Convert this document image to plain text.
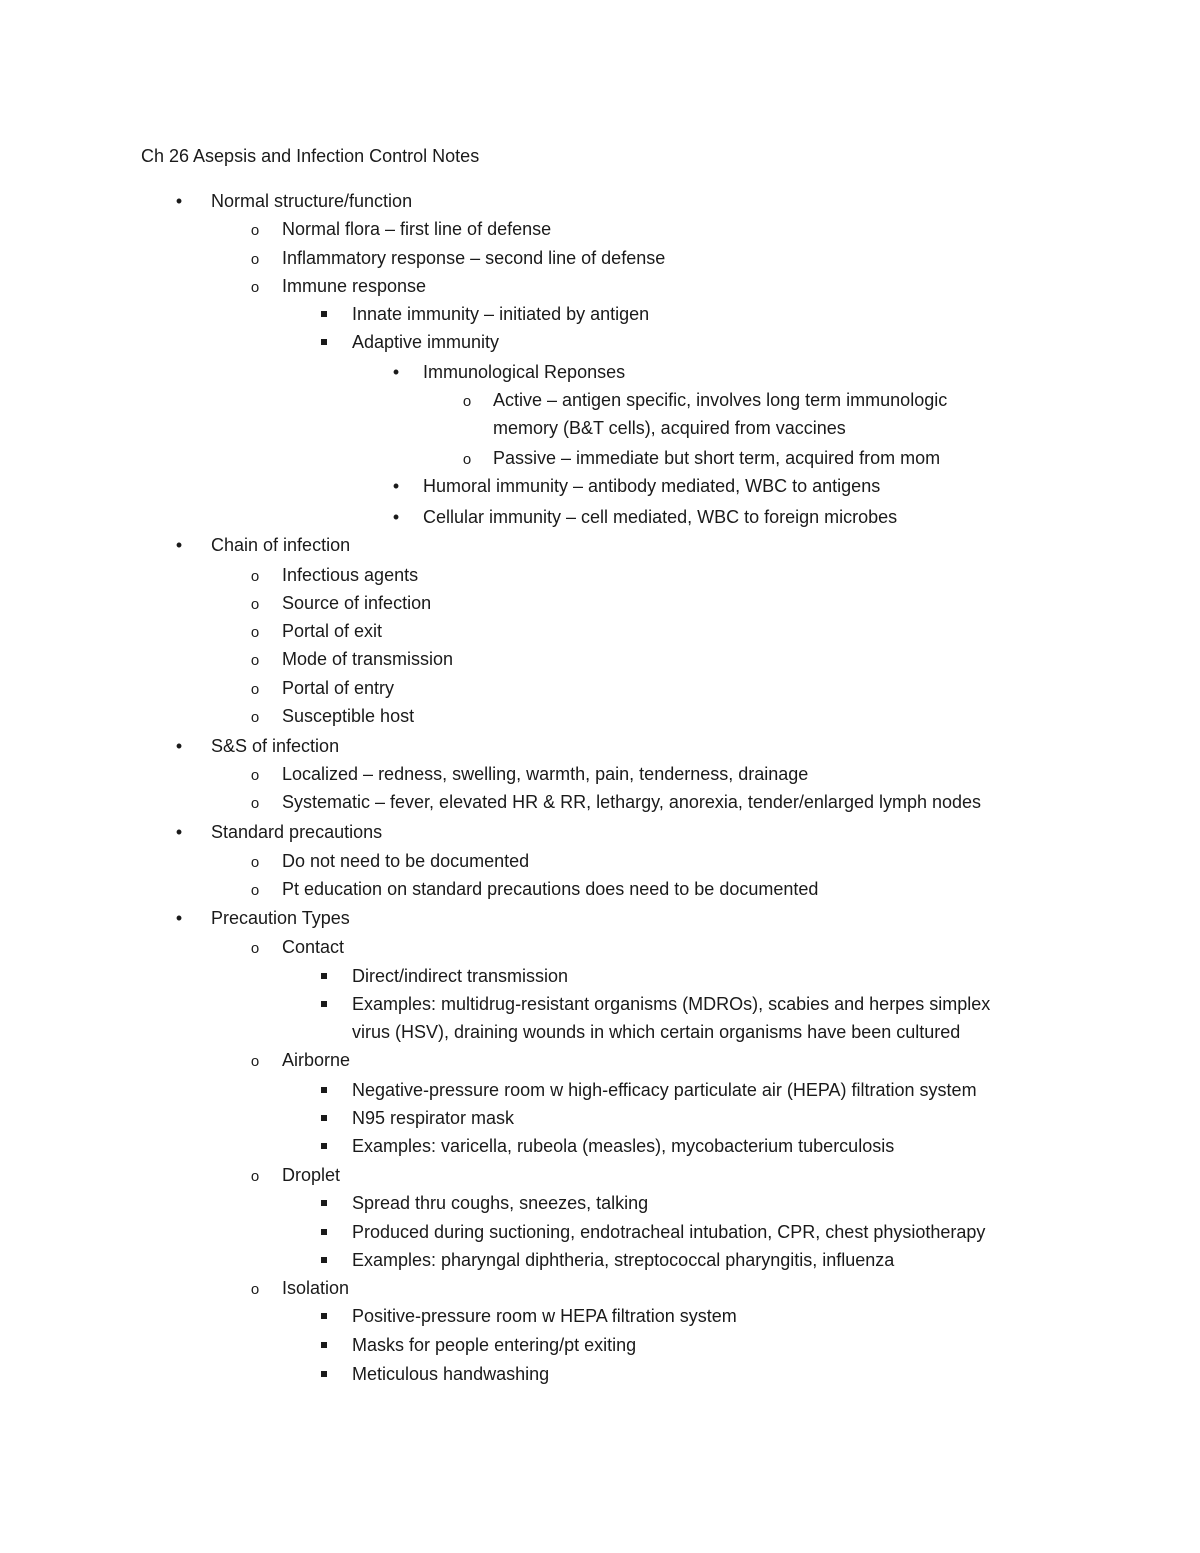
Ch 26 Asepsis and Infection Control Notes
•
Normal structure/function
o
Normal flora – first line of defense
o
Inflammatory response – second line of defense
o
Immune response
Innate immunity – initiated by antigen
Adaptive immunity
•
Immunological Reponses
o
Active – antigen specific, involves long term immunologic
memory (B&T cells), acquired from vaccines
o
Passive – immediate but short term, acquired from mom
•
Humoral immunity – antibody mediated, WBC to antigens
•
Cellular immunity – cell mediated, WBC to foreign microbes
•
Chain of infection
o
Infectious agents
o
Source of infection
o
Portal of exit
o
Mode of transmission
o
Portal of entry
o
Susceptible host
•
S&S of infection
o
Localized – redness, swelling, warmth, pain, tenderness, drainage
o
Systematic – fever, elevated HR & RR, lethargy, anorexia, tender/enlarged lymph nodes
•
Standard precautions
o
Do not need to be documented
o
Pt education on standard precautions does need to be documented
•
Precaution Types
o
Contact
Direct/indirect transmission
Examples: multidrug-resistant organisms (MDROs), scabies and herpes simplex
virus (HSV), draining wounds in which certain organisms have been cultured
o
Airborne
Negative-pressure room w high-efficacy particulate air (HEPA) filtration system
N95 respirator mask
Examples: varicella, rubeola (measles), mycobacterium tuberculosis
o
Droplet
Spread thru coughs, sneezes, talking
Produced during suctioning, endotracheal intubation, CPR, chest physiotherapy
Examples: pharyngal diphtheria, streptococcal pharyngitis, influenza
o
Isolation
Positive-pressure room w HEPA filtration system
Masks for people entering/pt exiting
Meticulous handwashing
